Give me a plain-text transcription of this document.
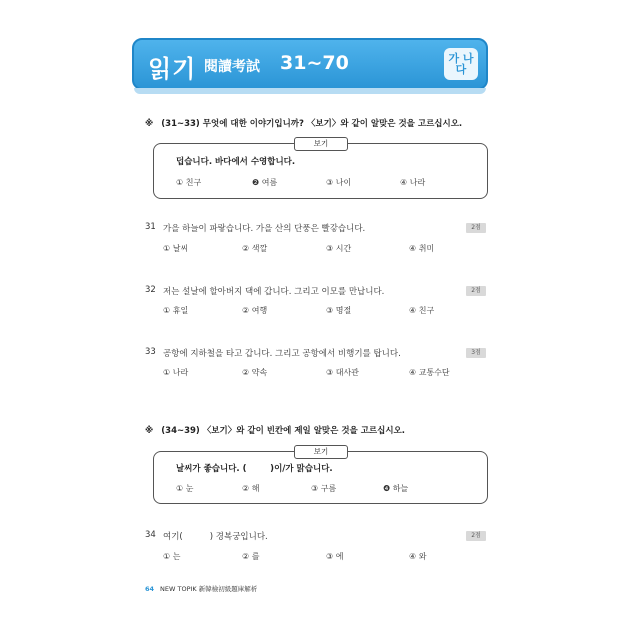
읽기 閱讀考試 31~70	가 나다
※ (31~33) 무엇에 대한 이야기입니까? 〈보기〉와 같이 알맞은 것을 고르십시오.
보기
덥습니다. 바다에서 수영합니다.
① 친구	❷ 여름	③ 나이	④ 나라
31 가을 하늘이 파랗습니다. 가을 산의 단풍은 빨갛습니다.	2점
① 날씨	② 색깔	③ 시간	④ 취미
32 저는 설날에 할아버지 댁에 갑니다. 그리고 이모를 만납니다.	2점
① 휴일	② 여행	③ 명절	④ 친구
33 공항에 지하철을 타고 갑니다. 그리고 공항에서 비행기를 탑니다.	3점
① 나라	② 약속	③ 대사관	④ 교통수단
※ (34~39) 〈보기〉와 같이 빈칸에 제일 알맞은 것을 고르십시오.
보기
날씨가 좋습니다. (        )이/가 맑습니다.
① 눈	② 해	③ 구름	❹ 하늘
34 여기(          ) 경복궁입니다.	2점
① 는	② 를	③ 에	④ 와
64 NEW TOPIK 新韓檢初級題庫解析
